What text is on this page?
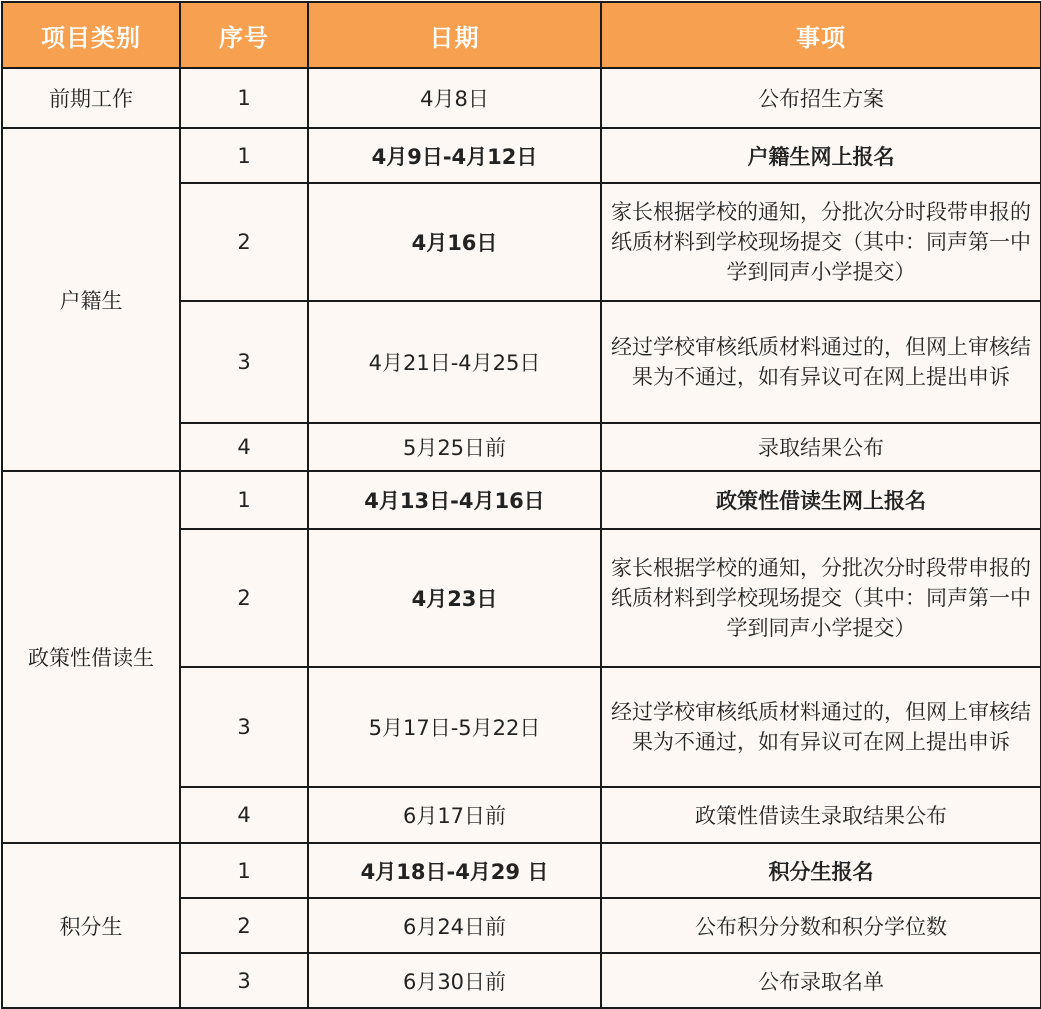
项目类别	序号	日期	事项
前期工作	1	4月8日	公布招生方案
户籍生	1	4月9日-4月12日	户籍生网上报名
	2	4月16日	家长根据学校的通知，分批次分时段带申报的纸质材料到学校现场提交（其中：同声第一中学到同声小学提交）
	3	4月21日-4月25日	经过学校审核纸质材料通过的，但网上审核结果为不通过，如有异议可在网上提出申诉
	4	5月25日前	录取结果公布
政策性借读生	1	4月13日-4月16日	政策性借读生网上报名
	2	4月23日	家长根据学校的通知，分批次分时段带申报的纸质材料到学校现场提交（其中：同声第一中学到同声小学提交）
	3	5月17日-5月22日	经过学校审核纸质材料通过的，但网上审核结果为不通过，如有异议可在网上提出申诉
	4	6月17日前	政策性借读生录取结果公布
积分生	1	4月18日-4月29 日	积分生报名
	2	6月24日前	公布积分分数和积分学位数
	3	6月30日前	公布录取名单
